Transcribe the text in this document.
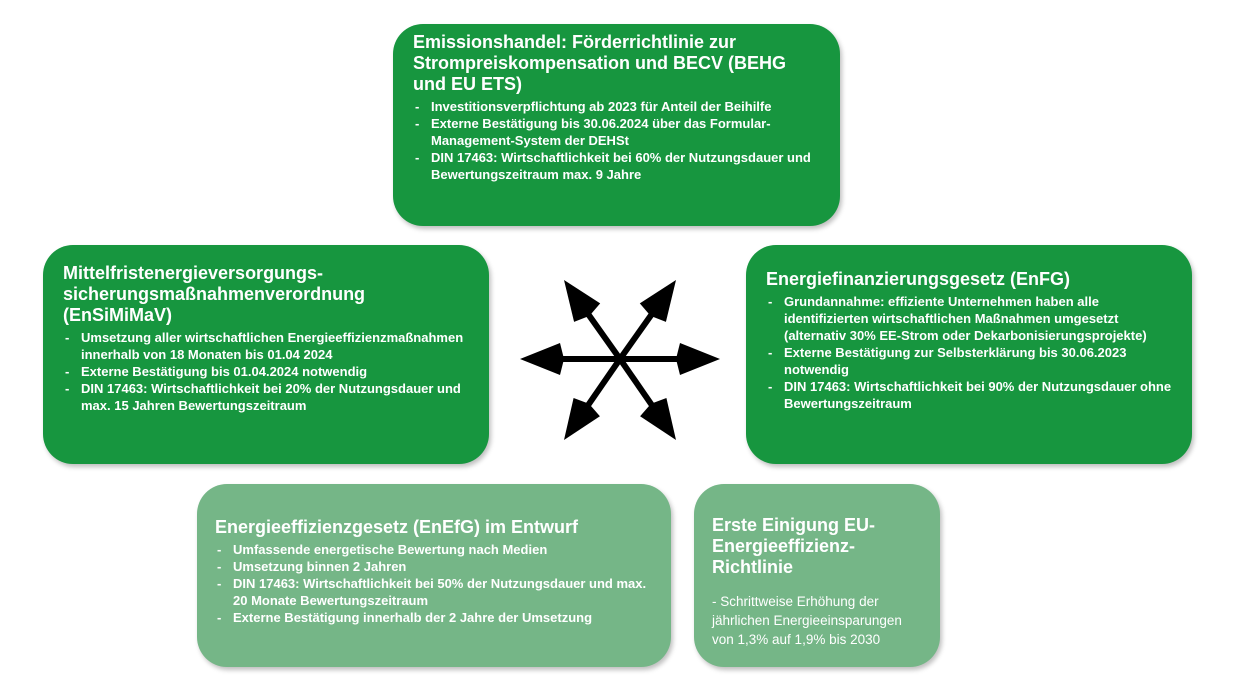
Emissionshandel: Förderrichtlinie zur Strompreiskompensation und BECV (BEHG und EU ETS)
- Investitionsverpflichtung ab 2023 für Anteil der Beihilfe
- Externe Bestätigung bis 30.06.2024 über das Formular-Management-System der DEHSt
- DIN 17463: Wirtschaftlichkeit bei 60% der Nutzungsdauer und Bewertungszeitraum max. 9 Jahre
Mittelfristenergieversorgungs-sicherungsmaßnahmenverordnung (EnSiMiMaV)
- Umsetzung aller wirtschaftlichen Energieeffizienzmaßnahmen innerhalb von 18 Monaten bis 01.04 2024
- Externe Bestätigung bis 01.04.2024 notwendig
- DIN 17463: Wirtschaftlichkeit bei 20% der Nutzungsdauer und max. 15 Jahren Bewertungszeitraum
Energiefinanzierungsgesetz (EnFG)
- Grundannahme: effiziente Unternehmen haben alle identifizierten wirtschaftlichen Maßnahmen umgesetzt (alternativ 30% EE-Strom oder Dekarbonisierungsprojekte)
- Externe Bestätigung zur Selbsterklärung bis 30.06.2023 notwendig
- DIN 17463: Wirtschaftlichkeit bei 90% der Nutzungsdauer ohne Bewertungszeitraum
Energieeffizienzgesetz (EnEfG) im Entwurf
- Umfassende energetische Bewertung nach Medien
- Umsetzung binnen 2 Jahren
- DIN 17463: Wirtschaftlichkeit bei 50% der Nutzungsdauer und max. 20 Monate Bewertungszeitraum
- Externe Bestätigung innerhalb der 2 Jahre der Umsetzung
Erste Einigung EU-Energieeffizienz-Richtlinie
- Schrittweise Erhöhung der jährlichen Energieeinsparungen von 1,3% auf 1,9% bis 2030
